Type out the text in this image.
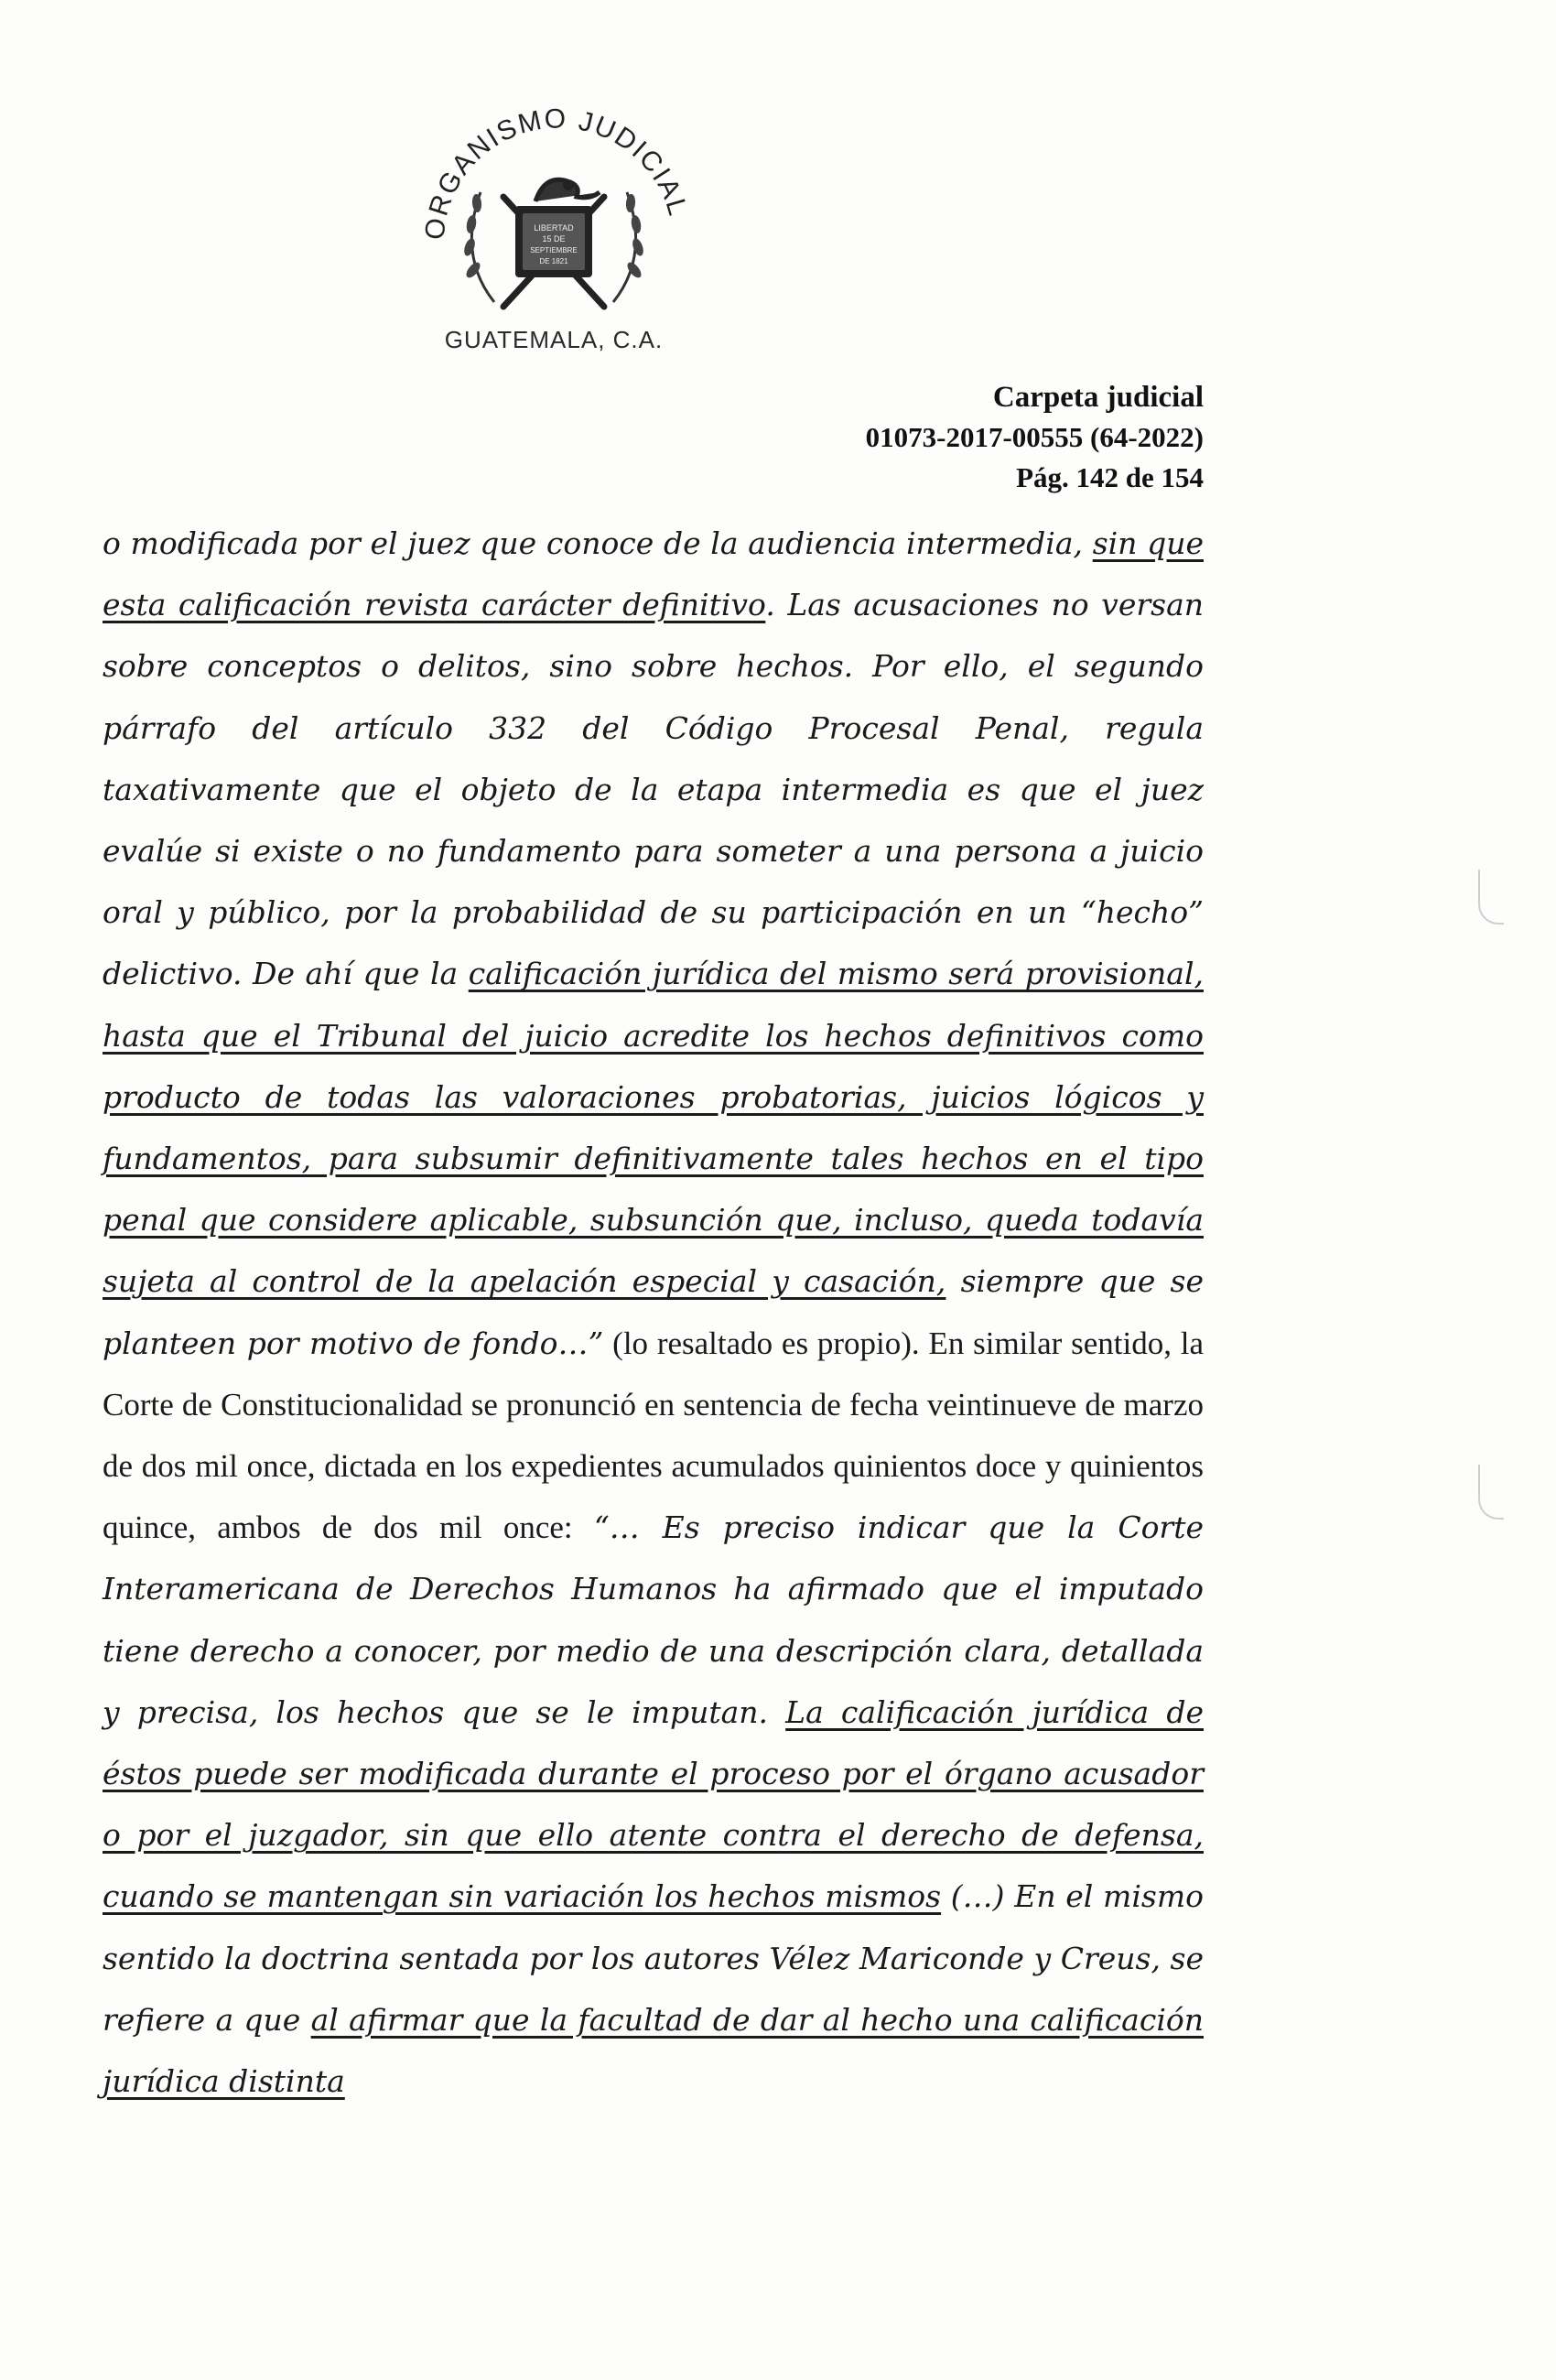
ORGANISMO JUDICIAL
LIBERTAD
15 DE
SEPTIEMBRE
DE 1821
GUATEMALA, C.A.
Carpeta judicial
01073-2017-00555 (64-2022)
Pág. 142 de 154

o modificada por el juez que conoce de la audiencia intermedia, sin que esta calificación revista carácter definitivo. Las acusaciones no versan sobre conceptos o delitos, sino sobre hechos. Por ello, el segundo párrafo del artículo 332 del Código Procesal Penal, regula taxativamente que el objeto de la etapa intermedia es que el juez evalúe si existe o no fundamento para someter a una persona a juicio oral y público, por la probabilidad de su participación en un “hecho” delictivo. De ahí que la calificación jurídica del mismo será provisional, hasta que el Tribunal del juicio acredite los hechos definitivos como producto de todas las valoraciones probatorias, juicios lógicos y fundamentos, para subsumir definitivamente tales hechos en el tipo penal que considere aplicable, subsunción que, incluso, queda todavía sujeta al control de la apelación especial y casación, siempre que se planteen por motivo de fondo…” (lo resaltado es propio). En similar sentido, la Corte de Constitucionalidad se pronunció en sentencia de fecha veintinueve de marzo de dos mil once, dictada en los expedientes acumulados quinientos doce y quinientos quince, ambos de dos mil once: “… Es preciso indicar que la Corte Interamericana de Derechos Humanos ha afirmado que el imputado tiene derecho a conocer, por medio de una descripción clara, detallada y precisa, los hechos que se le imputan. La calificación jurídica de éstos puede ser modificada durante el proceso por el órgano acusador o por el juzgador, sin que ello atente contra el derecho de defensa, cuando se mantengan sin variación los hechos mismos (…) En el mismo sentido la doctrina sentada por los autores Vélez Mariconde y Creus, se refiere a que al afirmar que la facultad de dar al hecho una calificación jurídica distinta
